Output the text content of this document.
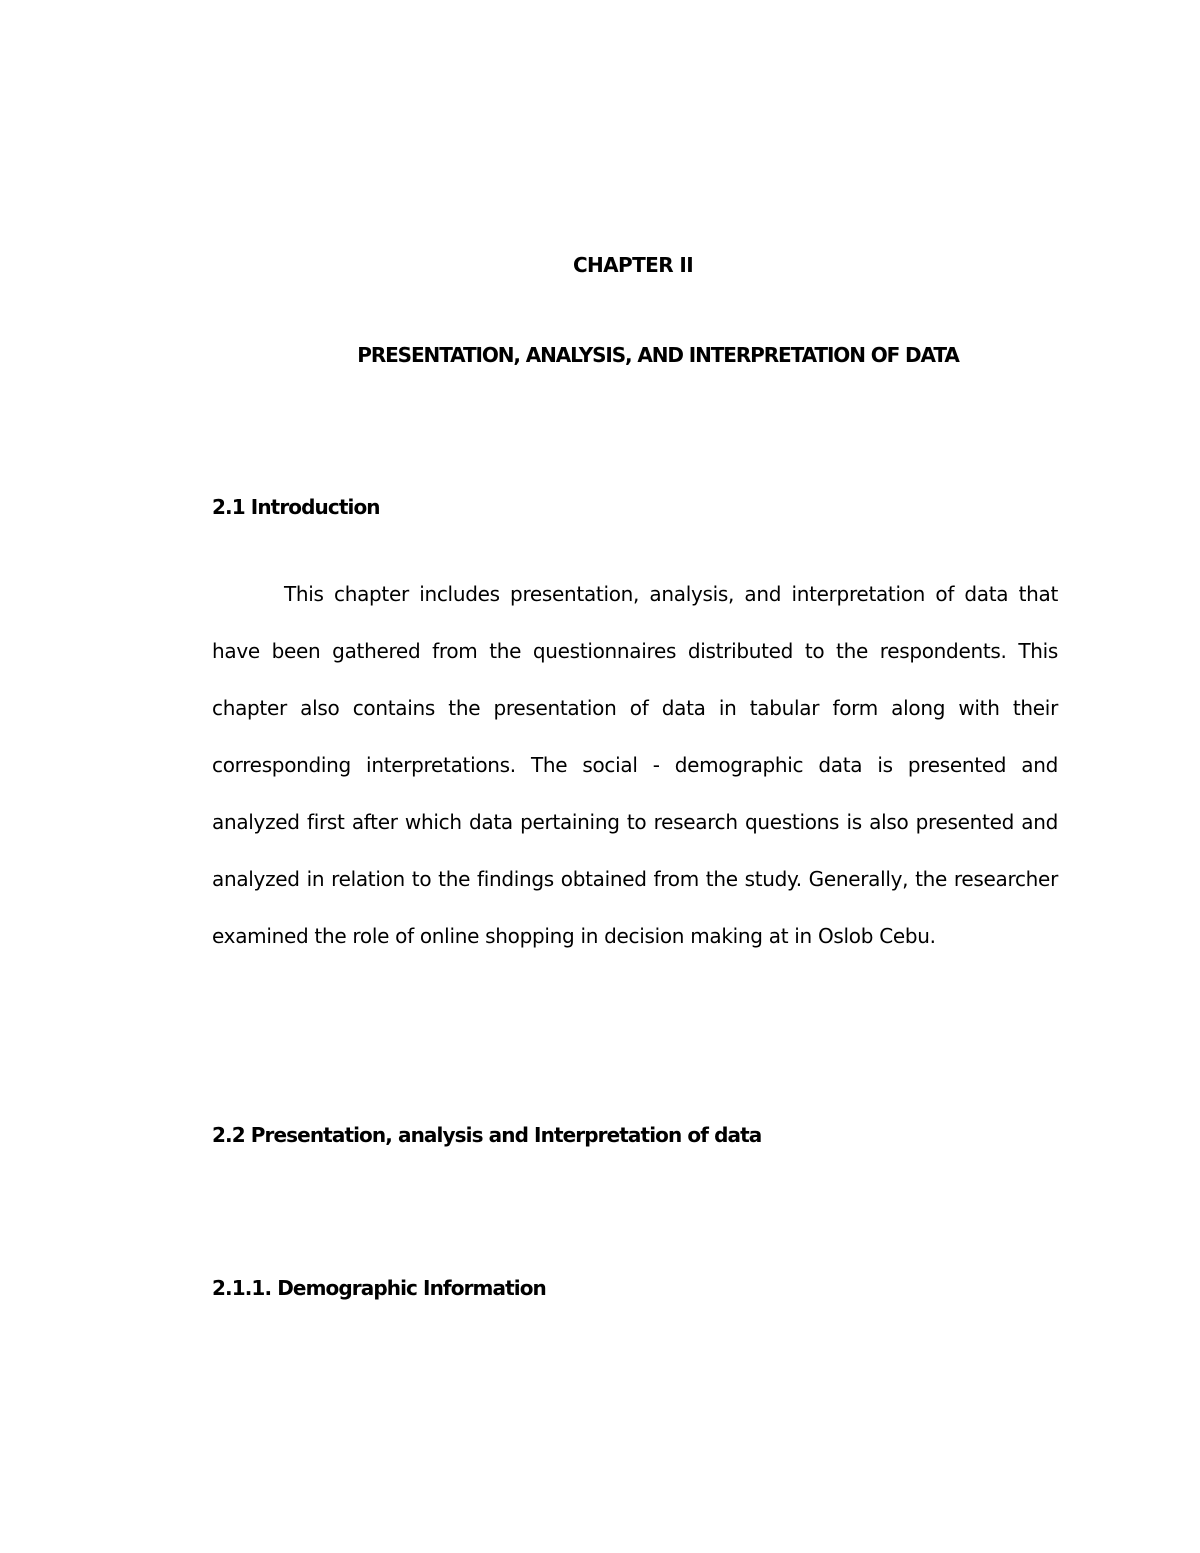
CHAPTER II
PRESENTATION, ANALYSIS, AND INTERPRETATION OF DATA
2.1 Introduction

This chapter includes presentation, analysis, and interpretation of data that have been gathered from the questionnaires distributed to the respondents. This chapter also contains the presentation of data in tabular form along with their corresponding interpretations. The social - demographic data is presented and analyzed first after which data pertaining to research questions is also presented and analyzed in relation to the findings obtained from the study. Generally, the researcher examined the role of online shopping in decision making at in Oslob Cebu.

2.2 Presentation, analysis and Interpretation of data
2.1.1. Demographic Information
